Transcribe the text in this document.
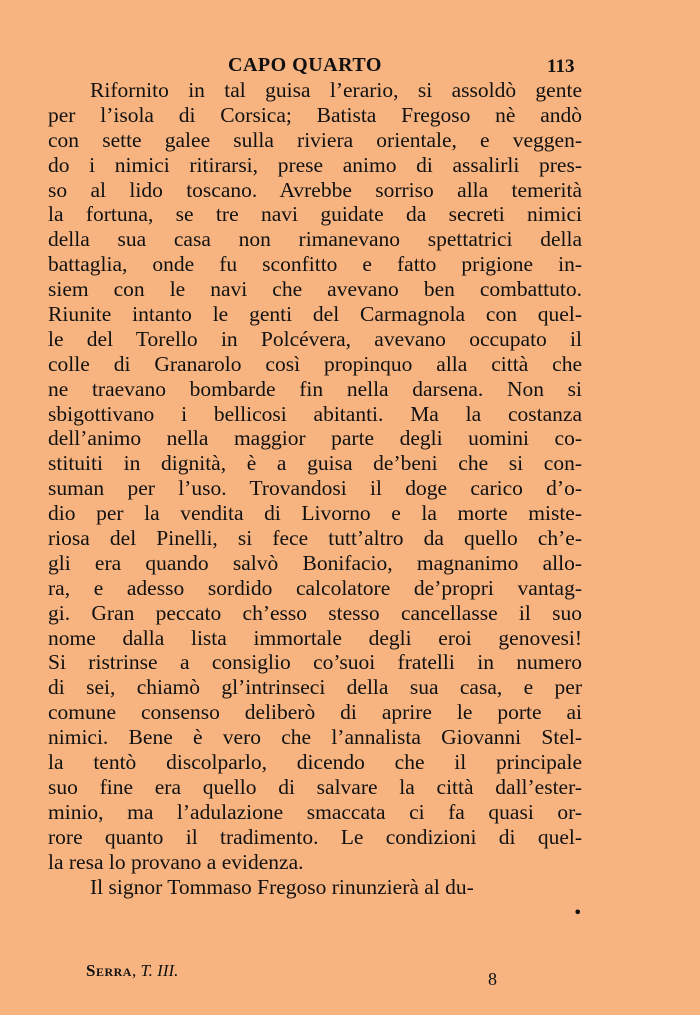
CAPO QUARTO	113
Rifornito in tal guisa l’erario, si assoldò gente
per l’isola di Corsica; Batista Fregoso nè andò
con sette galee sulla riviera orientale, e veggen-
do i nimici ritirarsi, prese animo di assalirli pres-
so al lido toscano. Avrebbe sorriso alla temerità
la fortuna, se tre navi guidate da secreti nimici
della sua casa non rimanevano spettatrici della
battaglia, onde fu sconfitto e fatto prigione in-
siem con le navi che avevano ben combattuto.
Riunite intanto le genti del Carmagnola con quel-
le del Torello in Polcévera, avevano occupato il
colle di Granarolo così propinquo alla città che
ne traevano bombarde fin nella darsena. Non si
sbigottivano i bellicosi abitanti. Ma la costanza
dell’animo nella maggior parte degli uomini co-
stituiti in dignità, è a guisa de’beni che si con-
suman per l’uso. Trovandosi il doge carico d’o-
dio per la vendita di Livorno e la morte miste-
riosa del Pinelli, si fece tutt’altro da quello ch’e-
gli era quando salvò Bonifacio, magnanimo allo-
ra, e adesso sordido calcolatore de’propri vantag-
gi. Gran peccato ch’esso stesso cancellasse il suo
nome dalla lista immortale degli eroi genovesi!
Si ristrinse a consiglio co’suoi fratelli in numero
di sei, chiamò gl’intrinseci della sua casa, e per
comune consenso deliberò di aprire le porte ai
nimici. Bene è vero che l’annalista Giovanni Stel-
la tentò discolparlo, dicendo che il principale
suo fine era quello di salvare la città dall’ester-
minio, ma l’adulazione smaccata ci fa quasi or-
rore quanto il tradimento. Le condizioni di quel-
la resa lo provano a evidenza.
Il signor Tommaso Fregoso rinunzierà al du-
•
Serra, T. III.	8
